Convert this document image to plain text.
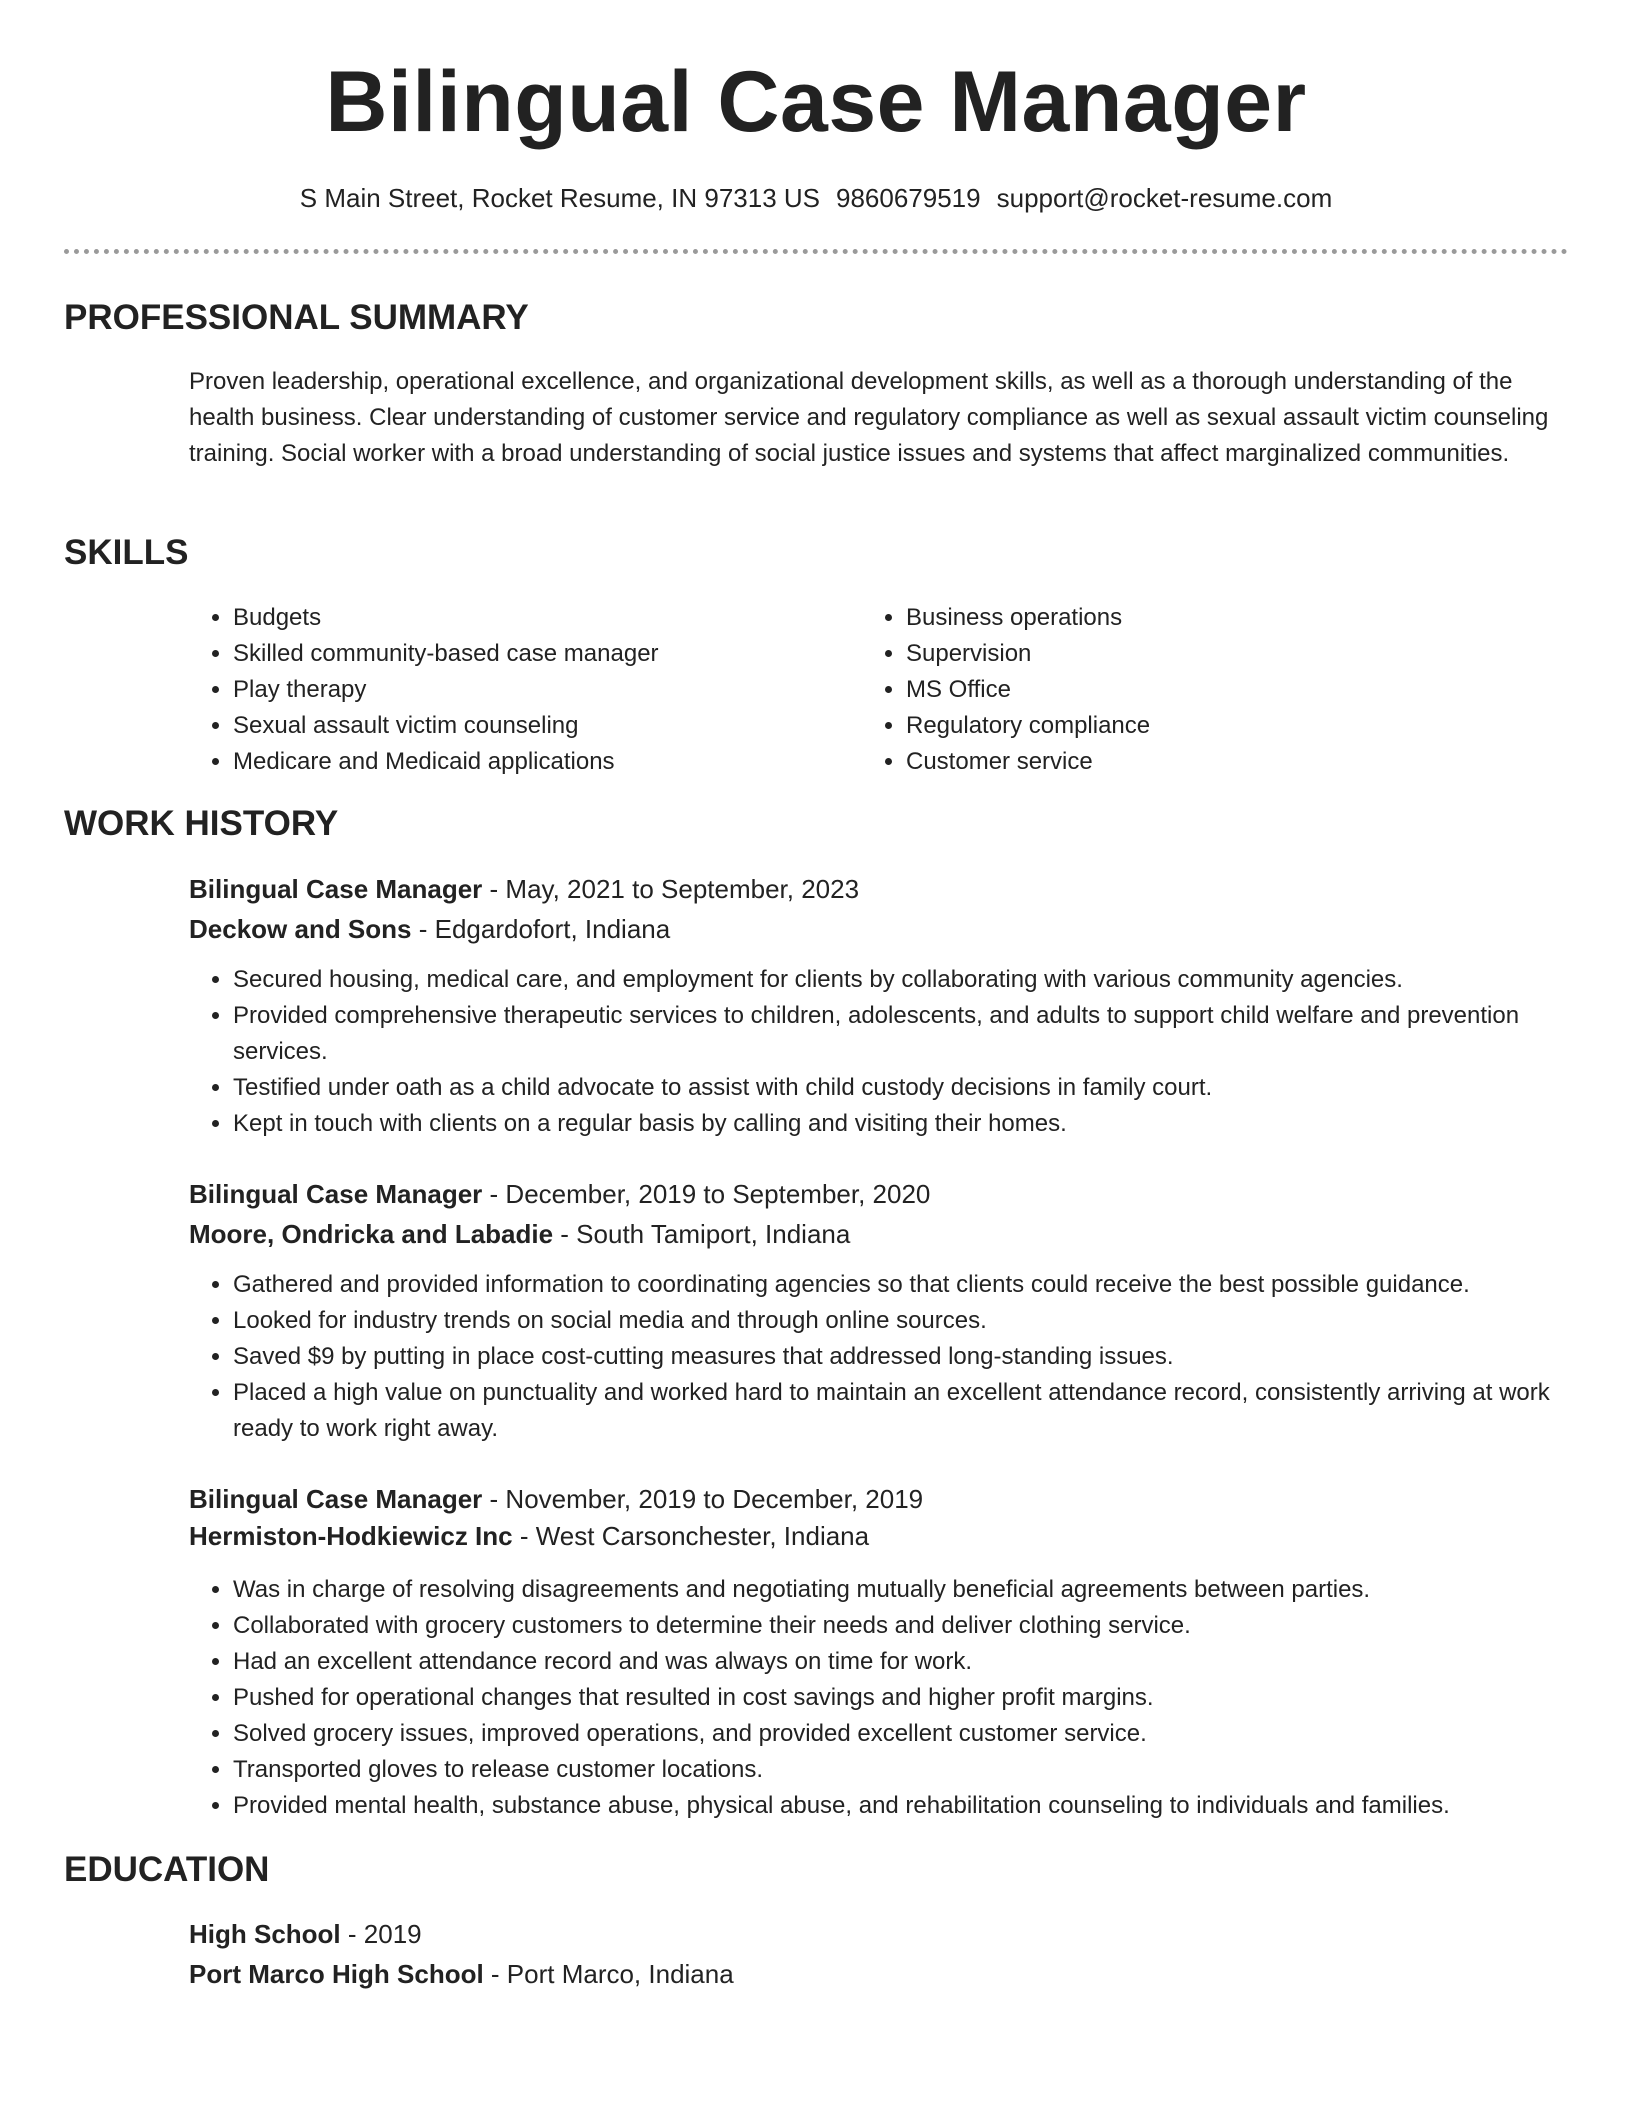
Bilingual Case Manager
S Main Street, Rocket Resume, IN 97313 US 9860679519 support@rocket-resume.com
PROFESSIONAL SUMMARY

Proven leadership, operational excellence, and organizational development skills, as well as a thorough understanding of the health business. Clear understanding of customer service and regulatory compliance as well as sexual assault victim counseling training. Social worker with a broad understanding of social justice issues and systems that affect marginalized communities.

SKILLS
• Budgets
• Skilled community-based case manager
• Play therapy
• Sexual assault victim counseling
• Medicare and Medicaid applications
• Business operations
• Supervision
• MS Office
• Regulatory compliance
• Customer service
WORK HISTORY
Bilingual Case Manager - May, 2021 to September, 2023
Deckow and Sons - Edgardofort, Indiana
• Secured housing, medical care, and employment for clients by collaborating with various community agencies.
• Provided comprehensive therapeutic services to children, adolescents, and adults to support child welfare and prevention services.
• Testified under oath as a child advocate to assist with child custody decisions in family court.
• Kept in touch with clients on a regular basis by calling and visiting their homes.
Bilingual Case Manager - December, 2019 to September, 2020
Moore, Ondricka and Labadie - South Tamiport, Indiana
• Gathered and provided information to coordinating agencies so that clients could receive the best possible guidance.
• Looked for industry trends on social media and through online sources.
• Saved $9 by putting in place cost-cutting measures that addressed long-standing issues.
• Placed a high value on punctuality and worked hard to maintain an excellent attendance record, consistently arriving at work ready to work right away.
Bilingual Case Manager - November, 2019 to December, 2019
Hermiston-Hodkiewicz Inc - West Carsonchester, Indiana
• Was in charge of resolving disagreements and negotiating mutually beneficial agreements between parties.
• Collaborated with grocery customers to determine their needs and deliver clothing service.
• Had an excellent attendance record and was always on time for work.
• Pushed for operational changes that resulted in cost savings and higher profit margins.
• Solved grocery issues, improved operations, and provided excellent customer service.
• Transported gloves to release customer locations.
• Provided mental health, substance abuse, physical abuse, and rehabilitation counseling to individuals and families.
EDUCATION
High School - 2019
Port Marco High School - Port Marco, Indiana
